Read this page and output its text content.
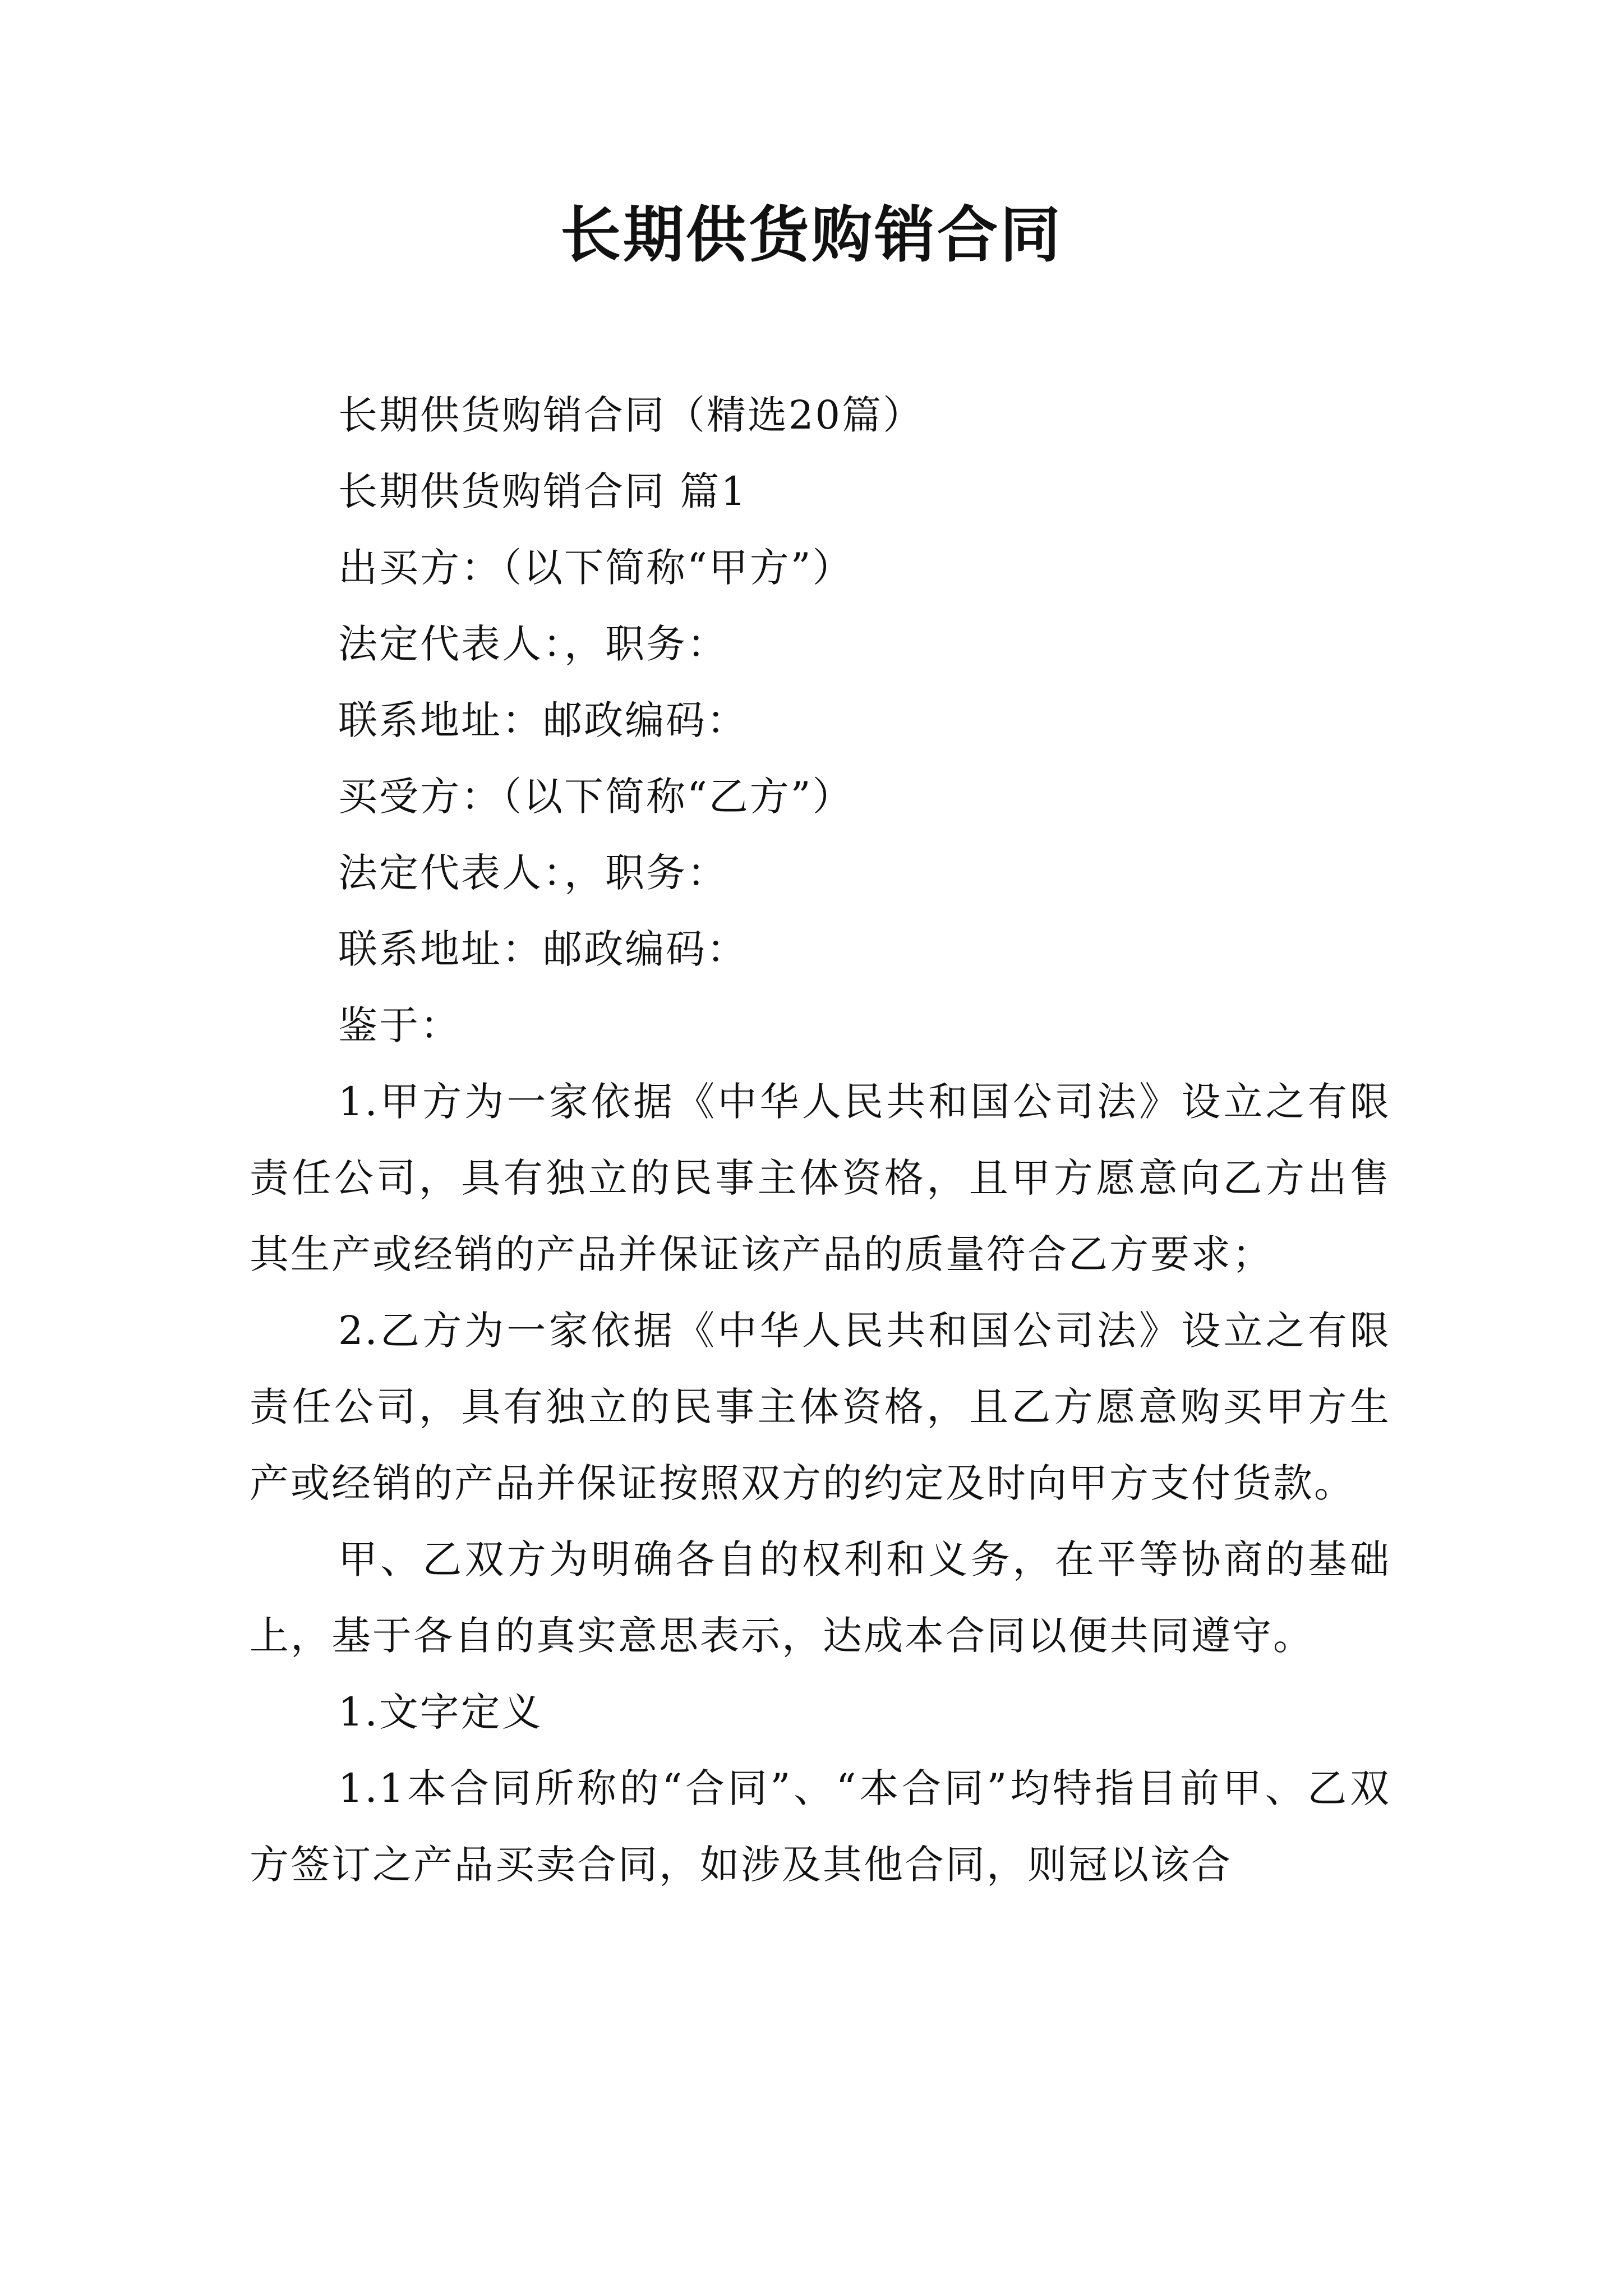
长期供货购销合同

长期供货购销合同（精选20篇）

长期供货购销合同 篇1

出买方：（以下简称“甲方”）

法定代表人：，职务：

联系地址：邮政编码：

买受方：（以下简称“乙方”）

法定代表人：，职务：

联系地址：邮政编码：

鉴于：

1.甲方为一家依据《中华人民共和国公司法》设立之有限责任公司，具有独立的民事主体资格，且甲方愿意向乙方出售其生产或经销的产品并保证该产品的质量符合乙方要求；

2.乙方为一家依据《中华人民共和国公司法》设立之有限责任公司，具有独立的民事主体资格，且乙方愿意购买甲方生产或经销的产品并保证按照双方的约定及时向甲方支付货款。

甲、乙双方为明确各自的权利和义务，在平等协商的基础上，基于各自的真实意思表示，达成本合同以便共同遵守。

1.文字定义

1.1本合同所称的“合同”、“本合同”均特指目前甲、乙双方签订之产品买卖合同，如涉及其他合同，则冠以该合
